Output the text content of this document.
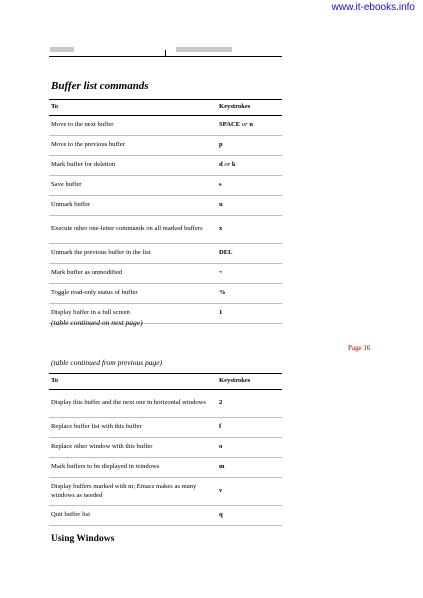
www.it-ebooks.info
Buffer list commands
To	Keystrokes
Move to the next buffer	SPACE or n
Move to the previous buffer	p
Mark buffer for deletion	d or k
Save buffer	s
Unmark buffer	u
Execute other one-letter commands on all marked buffers	x
Unmark the previous buffer in the list	DEL
Mark buffer as unmodified	~
Toggle read-only status of buffer	%
Display buffer in a full screen	1
(table continued on next page)
Page 16
(table continued from previous page)
To	Keystrokes
Display this buffer and the next one in horizontal windows	2
Replace buffer list with this buffer	f
Replace other window with this buffer	o
Mark buffers to be displayed in windows	m
Display buffers marked with m; Emacs makes as many windows as needed	v
Quit buffer list	q
Using Windows
